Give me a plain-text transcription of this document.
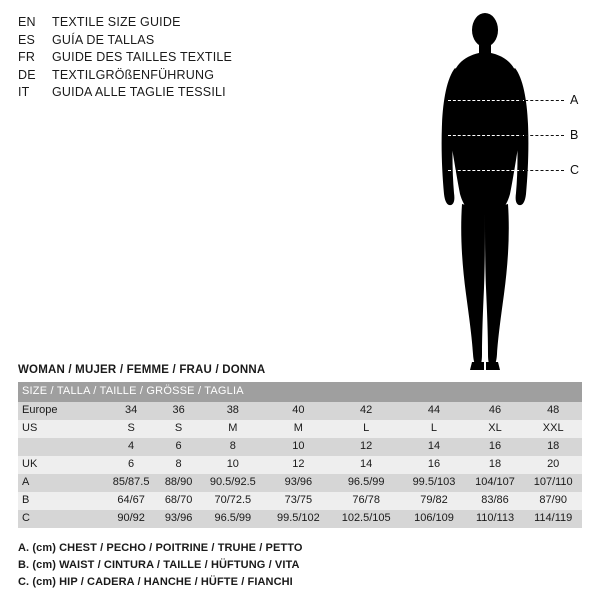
EN	TEXTILE SIZE GUIDE
ES	GUÍA DE TALLAS
FR	GUIDE DES TAILLES TEXTILE
DE	TEXTILGRÖßENFÜHRUNG
IT	GUIDA ALLE TAGLIE TESSILI
A
B
C
WOMAN / MUJER / FEMME / FRAU / DONNA
SIZE / TALLA / TAILLE / GRÖSSE / TAGLIA								
Europe	34	36	38	40	42	44	46	48
US	S	S	M	M	L	L	XL	XXL
	4	6	8	10	12	14	16	18
UK	6	8	10	12	14	16	18	20
A	85/87.5	88/90	90.5/92.5	93/96	96.5/99	99.5/103	104/107	107/110
B	64/67	68/70	70/72.5	73/75	76/78	79/82	83/86	87/90
C	90/92	93/96	96.5/99	99.5/102	102.5/105	106/109	110/113	114/119
A. (cm) CHEST / PECHO / POITRINE / TRUHE / PETTO
B. (cm) WAIST / CINTURA / TAILLE / HÜFTUNG / VITA
C. (cm) HIP / CADERA / HANCHE / HÜFTE / FIANCHI
